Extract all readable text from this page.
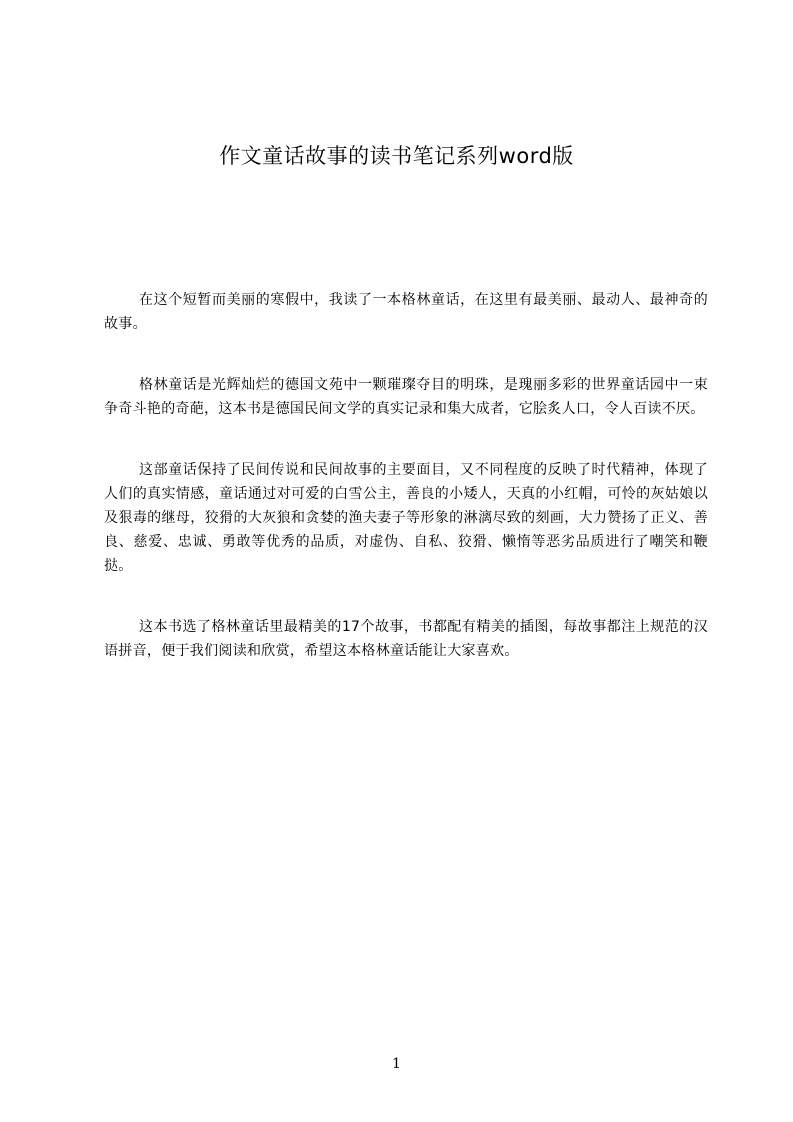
作文童话故事的读书笔记系列word版

在这个短暂而美丽的寒假中，我读了一本格林童话，在这里有最美丽、最动人、最神奇的故事。

格林童话是光辉灿烂的德国文苑中一颗璀璨夺目的明珠，是瑰丽多彩的世界童话园中一束争奇斗艳的奇葩，这本书是德国民间文学的真实记录和集大成者，它脍炙人口，令人百读不厌。

这部童话保持了民间传说和民间故事的主要面目，又不同程度的反映了时代精神，体现了人们的真实情感，童话通过对可爱的白雪公主，善良的小矮人，天真的小红帽，可怜的灰姑娘以及狠毒的继母，狡猾的大灰狼和贪婪的渔夫妻子等形象的淋漓尽致的刻画，大力赞扬了正义、善良、慈爱、忠诚、勇敢等优秀的品质，对虚伪、自私、狡猾、懒惰等恶劣品质进行了嘲笑和鞭挞。

这本书选了格林童话里最精美的17个故事，书都配有精美的插图，每故事都注上规范的汉语拼音，便于我们阅读和欣赏，希望这本格林童话能让大家喜欢。

1
